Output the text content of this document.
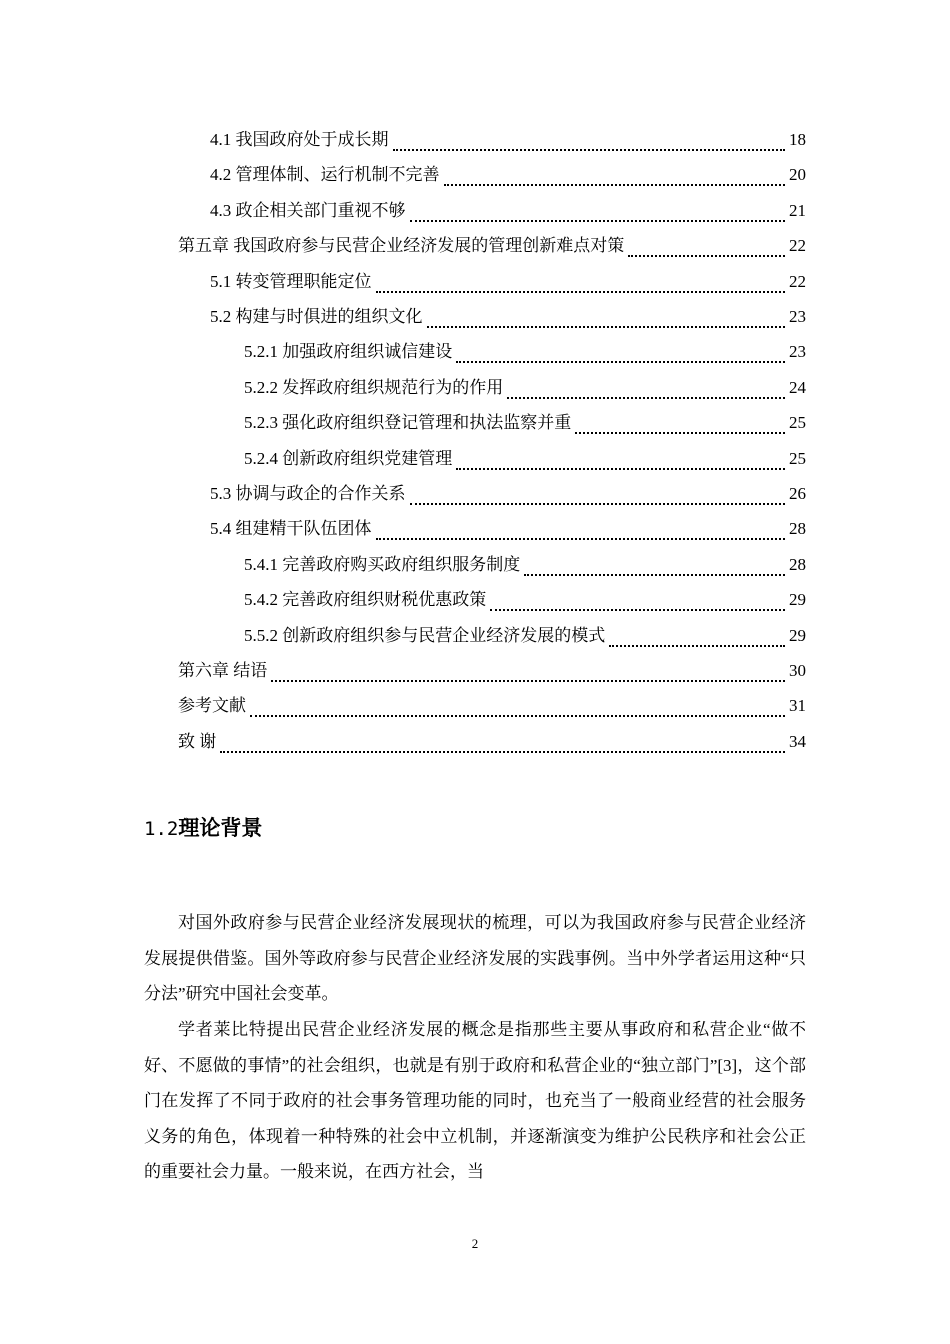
4.1 我国政府处于成长期	18
4.2 管理体制、运行机制不完善	20
4.3 政企相关部门重视不够	21
第五章 我国政府参与民营企业经济发展的管理创新难点对策	22
5.1 转变管理职能定位	22
5.2 构建与时俱进的组织文化	23
5.2.1 加强政府组织诚信建设	23
5.2.2 发挥政府组织规范行为的作用	24
5.2.3 强化政府组织登记管理和执法监察并重	25
5.2.4 创新政府组织党建管理	25
5.3 协调与政企的合作关系	26
5.4 组建精干队伍团体	28
5.4.1 完善政府购买政府组织服务制度	28
5.4.2 完善政府组织财税优惠政策	29
5.5.2 创新政府组织参与民营企业经济发展的模式	29
第六章 结语	30
参考文献	31
致 谢	34
1.2理论背景

对国外政府参与民营企业经济发展现状的梳理，可以为我国政府参与民营企业经济发展提供借鉴。国外等政府参与民营企业经济发展的实践事例。当中外学者运用这种“只分法”研究中国社会变革。

学者莱比特提出民营企业经济发展的概念是指那些主要从事政府和私营企业“做不好、不愿做的事情”的社会组织，也就是有别于政府和私营企业的“独立部门”[3]，这个部门在发挥了不同于政府的社会事务管理功能的同时，也充当了一般商业经营的社会服务义务的角色，体现着一种特殊的社会中立机制，并逐渐演变为维护公民秩序和社会公正的重要社会力量。一般来说，在西方社会，当

2
